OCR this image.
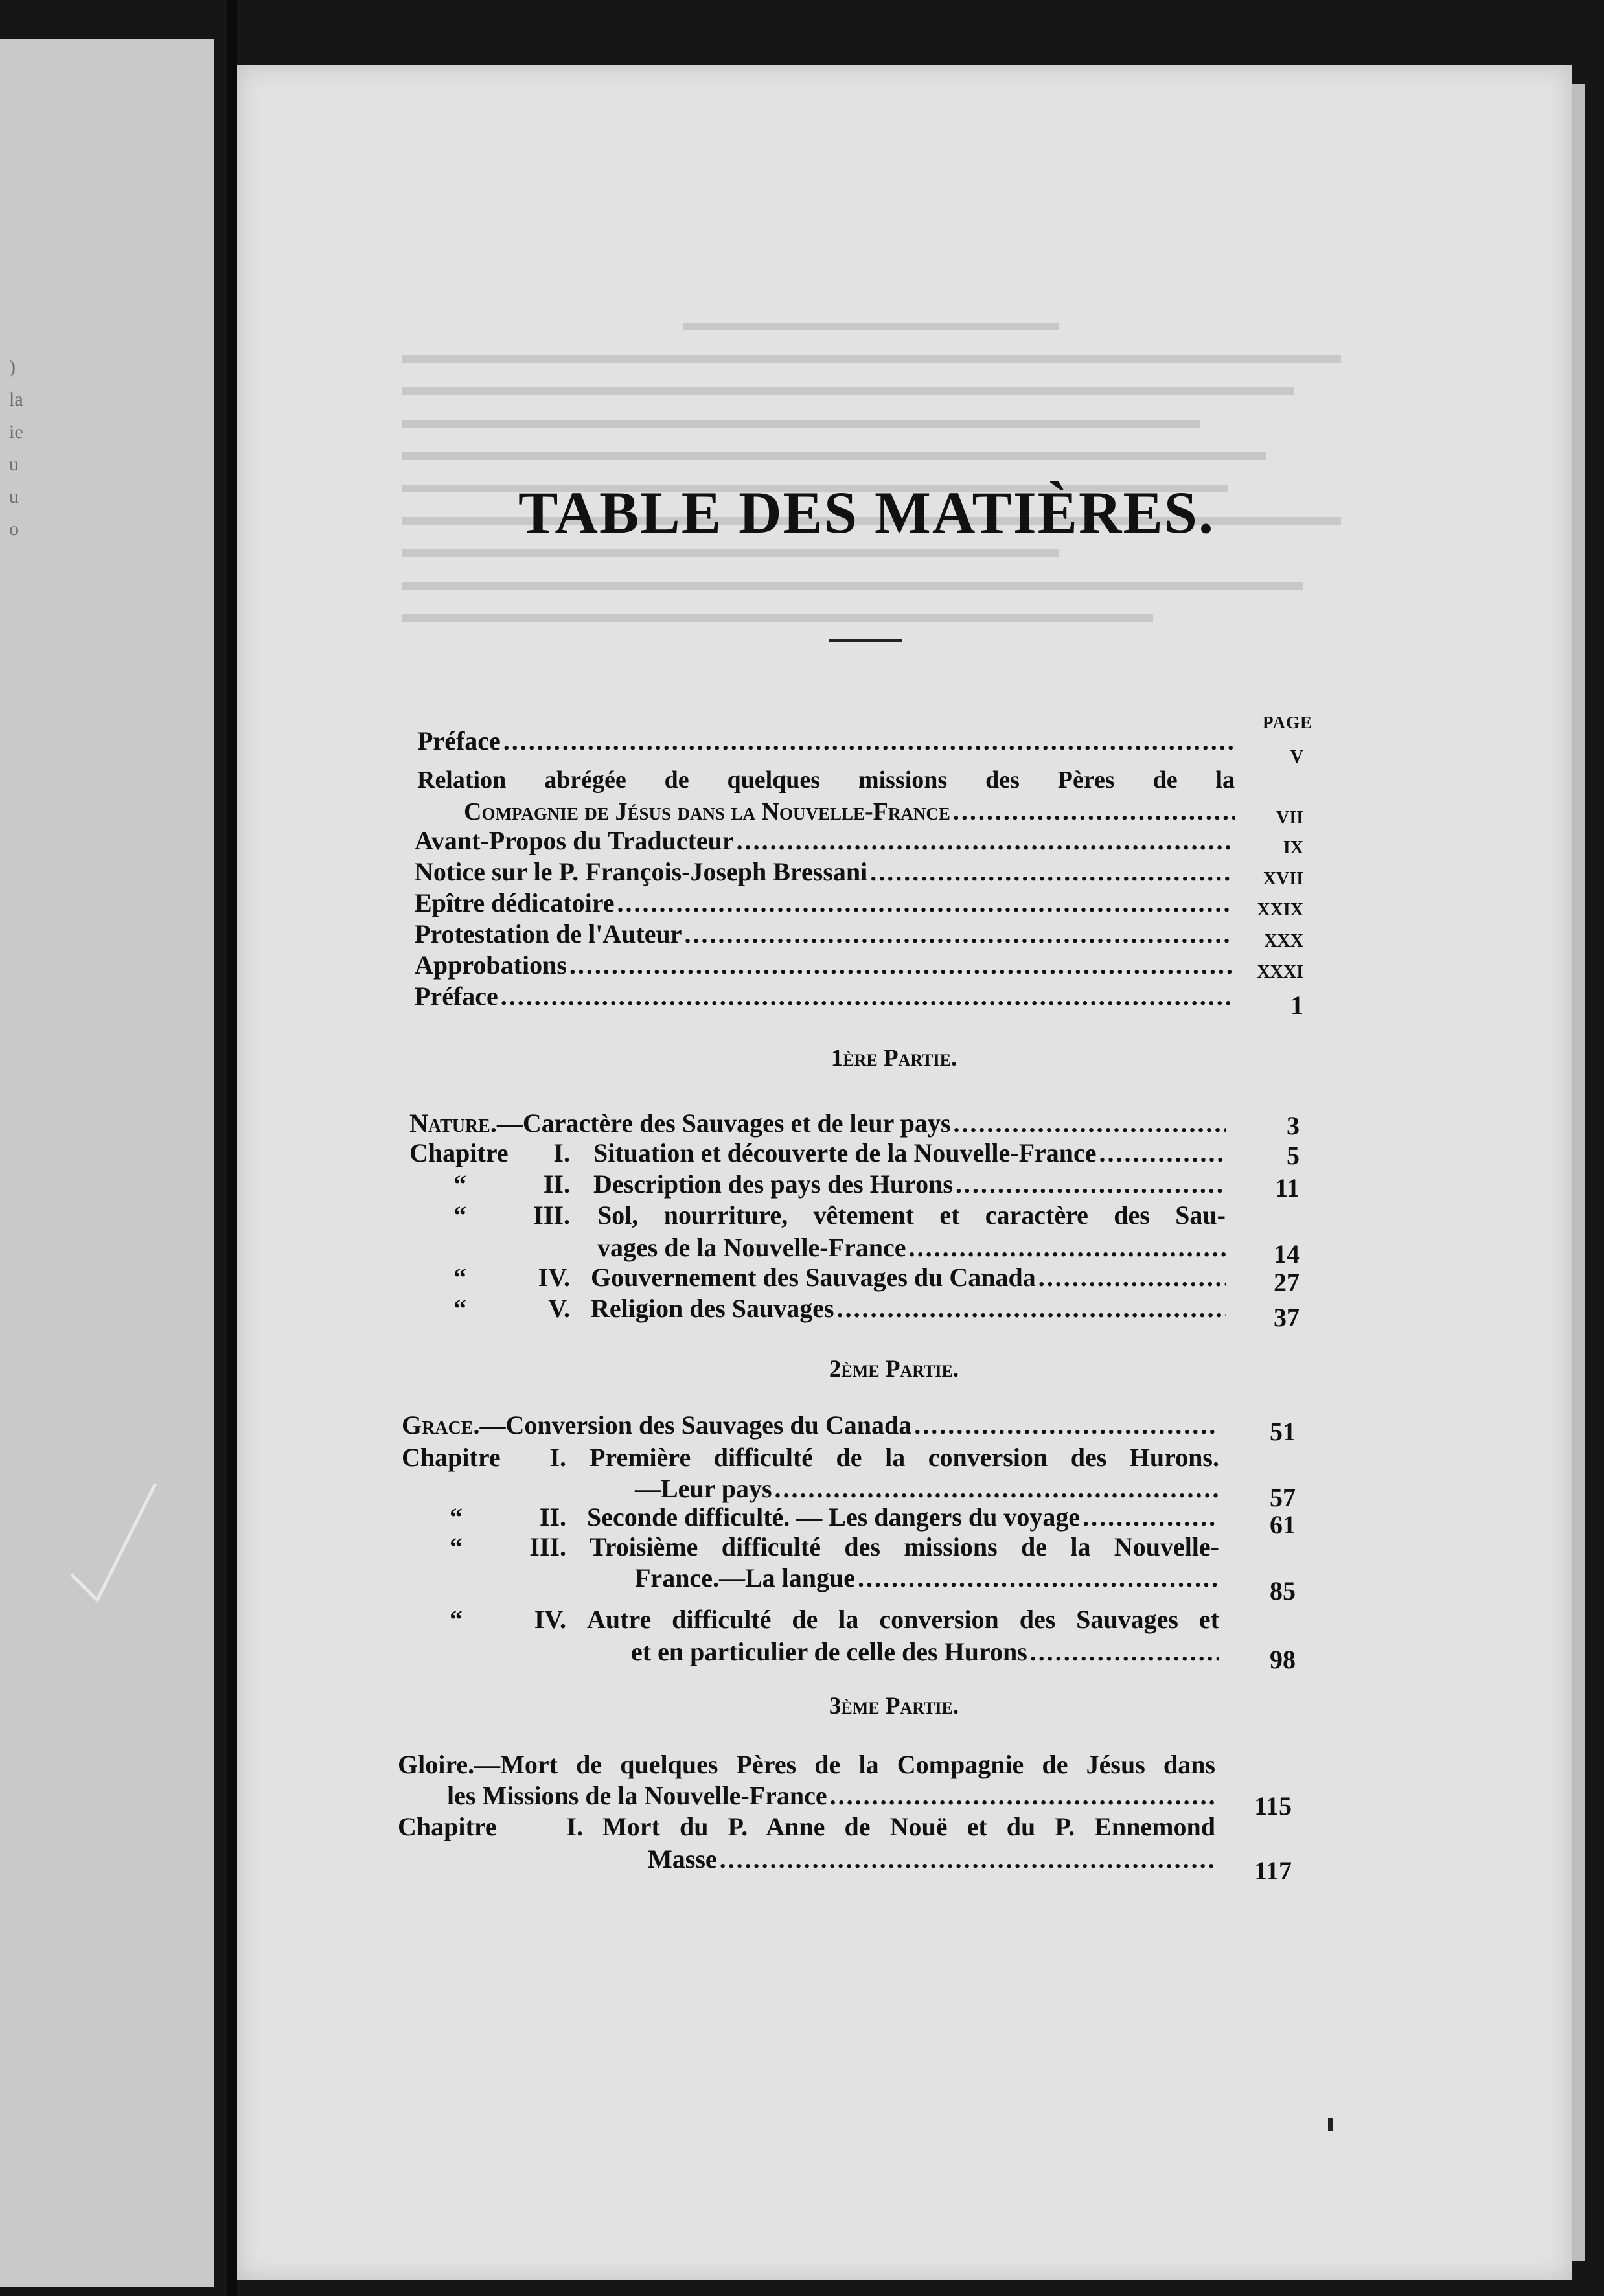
)
la
ie
u
u
o	TABLE DES MATIÈRES.
PAGE
Préface .....	v
Relation abrégée de quelques missions des Pères de la
Compagnie de Jésus dans la Nouvelle-France .....	vii
Avant-Propos du Traducteur .....	ix
Notice sur le P. François-Joseph Bressani .....	xvii
Epître dédicatoire .....	xxix
Protestation de l'Auteur .....	xxx
Approbations .....	xxxi
Préface .....	1
1ère Partie.
Nature. —Caractère des Sauvages et de leur pays .....	3
Chapitre	I. Situation et découverte de la Nouvelle-France .....	5
“	II. Description des pays des Hurons .....	11
“	III. Sol, nourriture, vêtement et caractère des Sau-
vages de la Nouvelle-France .....	14
“	IV. Gouvernement des Sauvages du Canada .....	27
“	V. Religion des Sauvages .....	37
2ème Partie.
Grace. —Conversion des Sauvages du Canada .....	51
Chapitre	I. Première difficulté de la conversion des Hurons.
—Leur pays .....	57
“	II. Seconde difficulté. — Les dangers du voyage .....	61
“	III. Troisième difficulté des missions de la Nouvelle-
France.—La langue .....	85
“	IV. Autre difficulté de la conversion des Sauvages et
et en particulier de celle des Hurons .....	98
3ème Partie.
Gloire.—Mort de quelques Pères de la Compagnie de Jésus dans
les Missions de la Nouvelle-France .....	115
Chapitre	I. Mort du P. Anne de Nouë et du P. Ennemond
Masse .....	117
